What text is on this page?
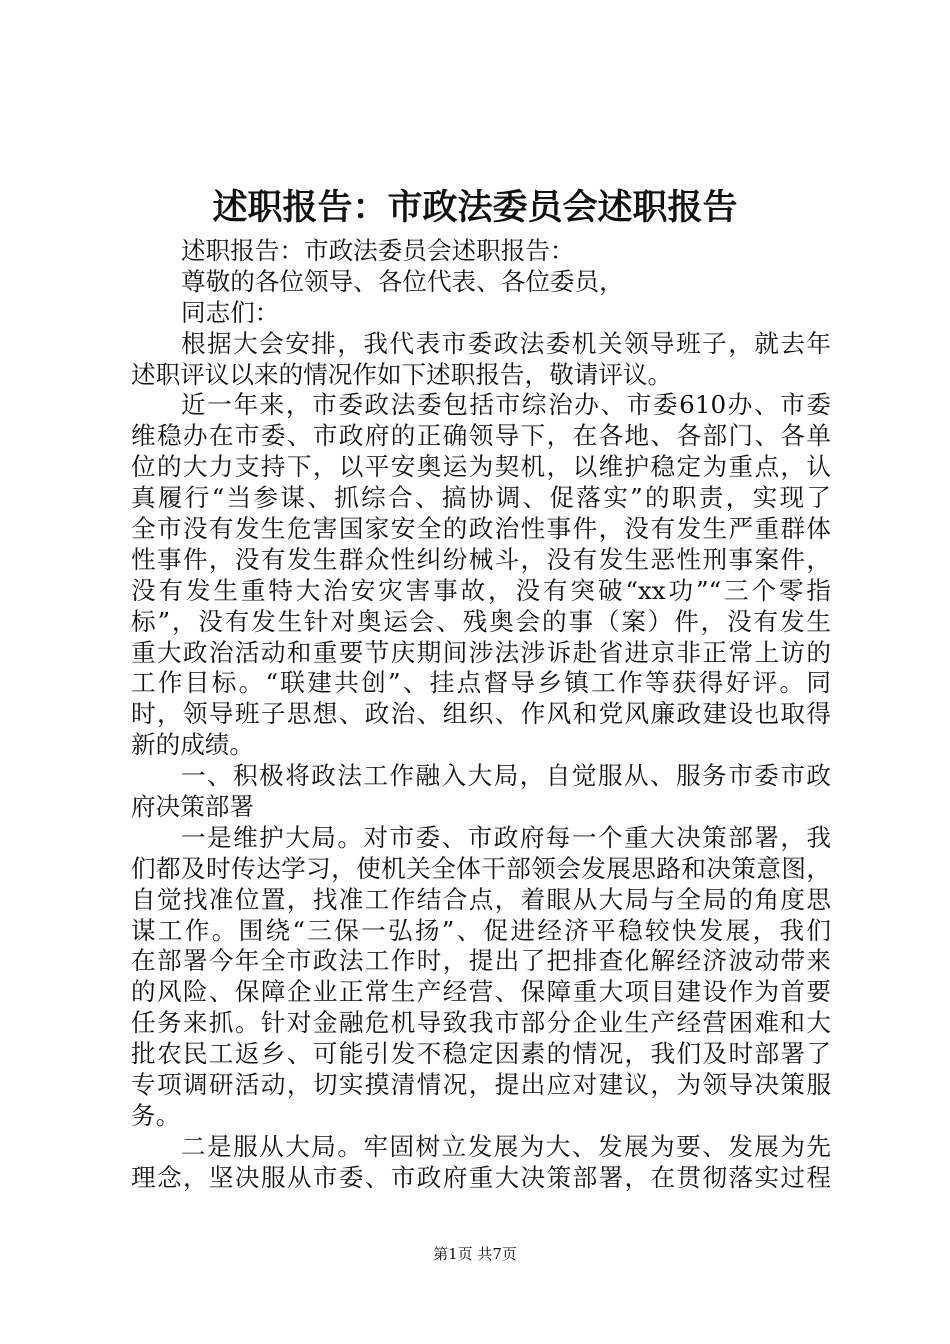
述职报告：市政法委员会述职报告
述职报告：市政法委员会述职报告：
尊敬的各位领导、各位代表、各位委员，
同志们：
根据大会安排，我代表市委政法委机关领导班子，就去年
述职评议以来的情况作如下述职报告，敬请评议。
近一年来，市委政法委包括市综治办、市委610办、市委
维稳办在市委、市政府的正确领导下，在各地、各部门、各单
位的大力支持下，以平安奥运为契机，以维护稳定为重点，认
真履行“当参谋、抓综合、搞协调、促落实”的职责，实现了
全市没有发生危害国家安全的政治性事件，没有发生严重群体
性事件，没有发生群众性纠纷械斗，没有发生恶性刑事案件，
没有发生重特大治安灾害事故，没有突破“xx功”“三个零指
标”，没有发生针对奥运会、残奥会的事（案）件，没有发生
重大政治活动和重要节庆期间涉法涉诉赴省进京非正常上访的
工作目标。“联建共创”、挂点督导乡镇工作等获得好评。同
时，领导班子思想、政治、组织、作风和党风廉政建设也取得
新的成绩。
一、积极将政法工作融入大局，自觉服从、服务市委市政
府决策部署
一是维护大局。对市委、市政府每一个重大决策部署，我
们都及时传达学习，使机关全体干部领会发展思路和决策意图，
自觉找准位置，找准工作结合点，着眼从大局与全局的角度思
谋工作。围绕“三保一弘扬”、促进经济平稳较快发展，我们
在部署今年全市政法工作时，提出了把排查化解经济波动带来
的风险、保障企业正常生产经营、保障重大项目建设作为首要
任务来抓。针对金融危机导致我市部分企业生产经营困难和大
批农民工返乡、可能引发不稳定因素的情况，我们及时部署了
专项调研活动，切实摸清情况，提出应对建议，为领导决策服
务。
二是服从大局。牢固树立发展为大、发展为要、发展为先
理念，坚决服从市委、市政府重大决策部署，在贯彻落实过程
第1页 共7页
